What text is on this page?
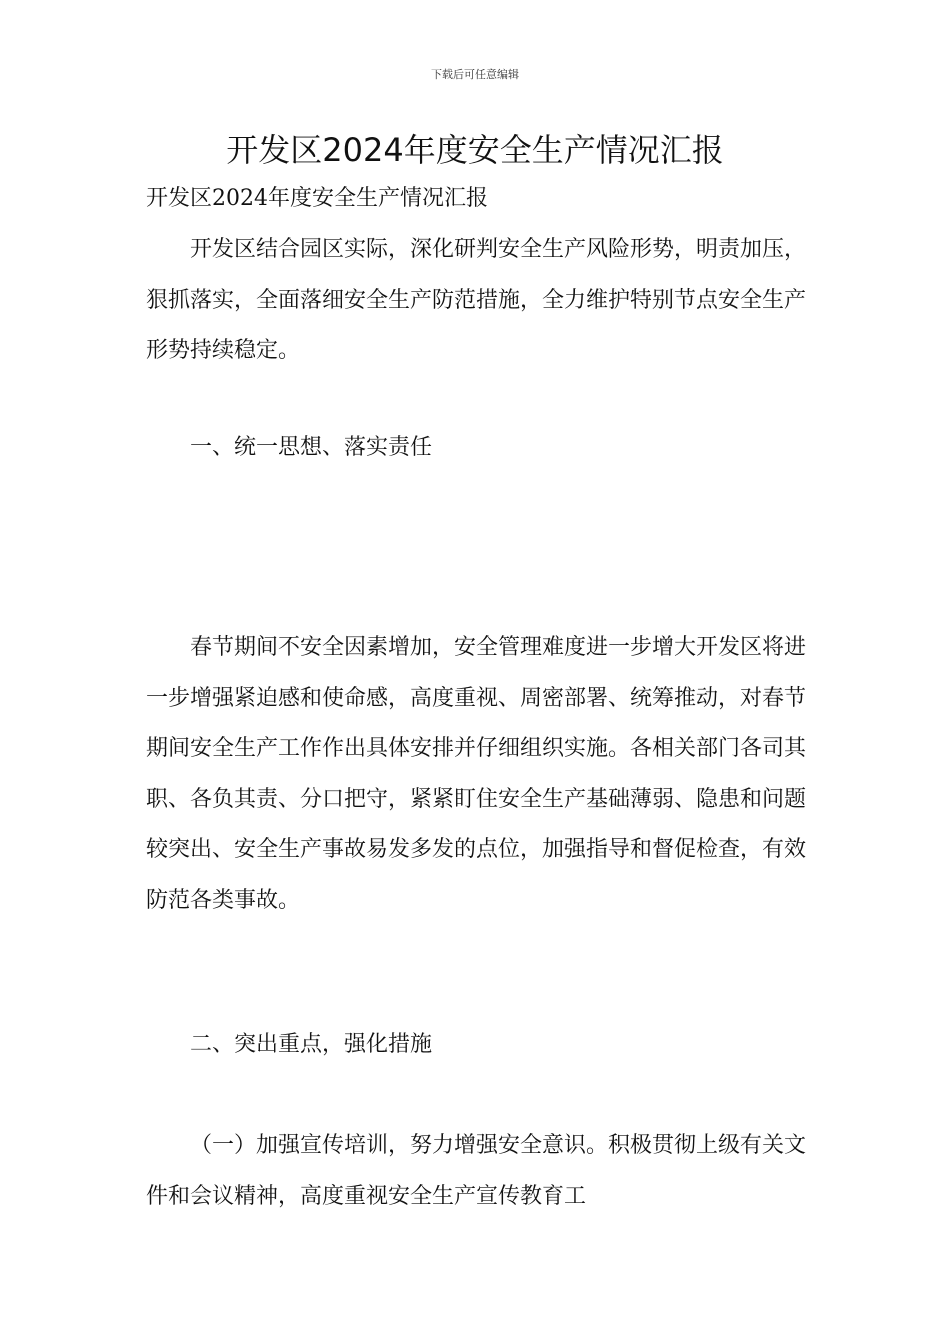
下载后可任意编辑
开发区2024年度安全生产情况汇报
开发区2024年度安全生产情况汇报

开发区结合园区实际，深化研判安全生产风险形势，明责加压，狠抓落实，全面落细安全生产防范措施，全力维护特别节点安全生产形势持续稳定。

一、统一思想、落实责任

春节期间不安全因素增加，安全管理难度进一步增大开发区将进一步增强紧迫感和使命感，高度重视、周密部署、统筹推动，对春节期间安全生产工作作出具体安排并仔细组织实施。各相关部门各司其职、各负其责、分口把守，紧紧盯住安全生产基础薄弱、隐患和问题较突出、安全生产事故易发多发的点位，加强指导和督促检查，有效防范各类事故。

二、突出重点，强化措施

（一）加强宣传培训，努力增强安全意识。积极贯彻上级有关文件和会议精神，高度重视安全生产宣传教育工
